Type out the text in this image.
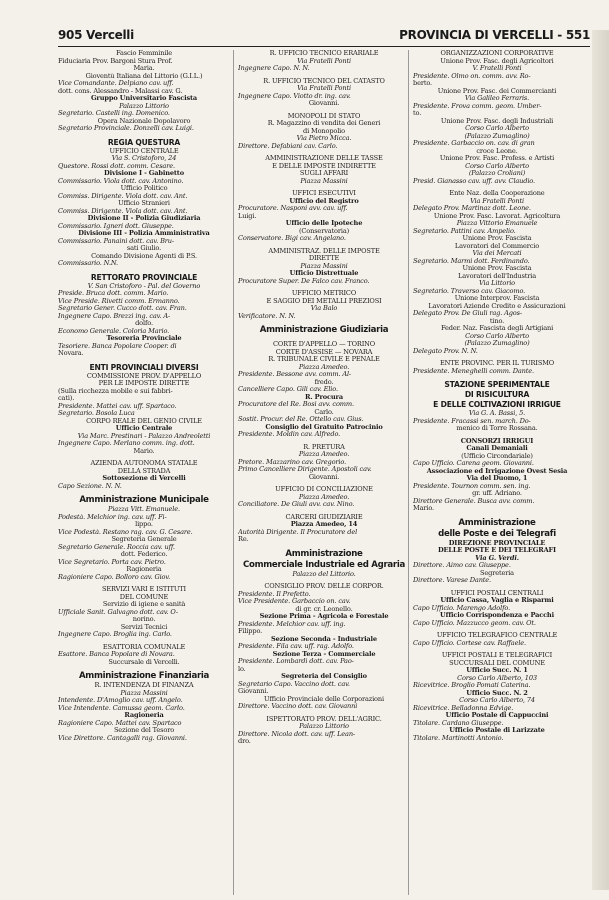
905 Vercelli	PROVINCIA DI VERCELLI - 551
Fascio Femminile
Fiduciaria Prov. Bargoni Stura Prof.
Maria.
Gioventù Italiana del Littorio (G.I.L.)
Vice Comandante. Delpiano cav. uff.
dott. cons. Alessandro - Malassi cav. G.
Gruppo Universitario Fascista
Palazzo Littorio
Segretario. Castelli ing. Domenico.
Opera Nazionale Dopolavoro
Segretario Provinciale. Donzelli cav. Luigi.
REGIA QUESTURA
UFFICIO CENTRALE
Via S. Cristoforo, 24
Questore. Rossi dott. comm. Cesare.
Divisione I - Gabinetto
Commissario. Viola dott. cav. Antonino.
Ufficio Politico
Commiss. Dirigente. Viola dott. cav. Ant.
Ufficio Stranieri
Commiss. Dirigente. Viola dott. cav. Ant.
Divisione II - Polizia Giudiziaria
Commissario. Igneri dott. Giuseppe.
Divisione III - Polizia Amministrativa
Commissario. Panaini dott. cav. Bru-
sati Giulio.
Comando Divisione Agenti di P.S.
Commissario. N.N.
RETTORATO PROVINCIALE
V. San Cristoforo - Pal. del Governo
Preside. Bruca dott. comm. Mario.
Vice Preside. Rivetti comm. Ermanno.
Segretario Gener. Cucco dott. cav. Fran.
Ingegnere Capo. Brezzi ing. cav. A-
dolfo.
Economo Generale. Coloria Mario.
Tesoreria Provinciale
Tesoriere. Banca Popolare Cooper. di
Novara.
ENTI PROVINCIALI DIVERSI
COMMISSIONE PROV. D'APPELLO
PER LE IMPOSTE DIRETTE
(Sulla ricchezza mobile e sui fabbri-
cati).
Presidente. Mattei cav. uff. Spartaco.
Segretario. Bosola Luca
CORPO REALE DEL GENIO CIVILE
Ufficio Centrale
Via Marc. Prestinari - Palazzo Andreoletti
Ingegnere Capo. Merlano comm. ing. dott.
Mario.
AZIENDA AUTONOMA STATALE
DELLA STRADA
Sottosezione di Vercelli
Capo Sezione. N. N.
Amministrazione Municipale
Piazza Vitt. Emanuele.
Podestà. Melchior ing. cav. uff. Fi-
lippo.
Vice Podestà. Restano rag. cav. G. Cesare.
Segreteria Generale
Segretario Generale. Roccia cav. uff.
dott. Federico.
Vice Segretario. Porta cav. Pietro.
Ragioneria
Ragioniere Capo. Bolloro cav. Giov.
SERVIZI VARI E ISTITUTI
DEL COMUNE
Servizio di igiene e sanità
Ufficiale Sanit. Galvagno dott. cav. O-
norino.
Servizi Tecnici
Ingegnere Capo. Broglia ing. Carlo.
ESATTORIA COMUNALE
Esattore. Banca Popolare di Novara.
Succursale di Vercelli.
Amministrazione Finanziaria
R. INTENDENZA DI FINANZA
Piazza Massini
Intendente. D'Amoglio cav. uff. Angelo.
Vice Intendente. Camussa geom. Carlo.
Ragioneria
Ragioniere Capo. Mattei cav. Spartaco
Sezione del Tesoro
Vice Direttore. Cantagalli rag. Giovanni.
R. UFFICIO TECNICO ERARIALE
Via Fratelli Ponti
Ingegnere Capo. N. N.
R. UFFICIO TECNICO DEL CATASTO
Via Fratelli Ponti
Ingegnere Capo. Viotto dr. ing. cav.
Giovanni.
MONOPOLI DI STATO
R. Magazzino di vendita dei Generi
di Monopolio
Via Pietro Micca.
Direttore. Defabiani cav. Carlo.
AMMINISTRAZIONE DELLE TASSE
E DELLE IMPOSTE INDIRETTE
SUGLI AFFARI
Piazza Massini
UFFICI ESECUTIVI
Ufficio del Registro
Procuratore. Nasponi avv. cav. uff.
Luigi.
Ufficio delle Ipoteche
(Conservatoria)
Conservatore. Bigi cav. Angelano.
AMMINISTRAZ. DELLE IMPOSTE
DIRETTE
Piazza Massini
Ufficio Distrettuale
Procuratore Super. De Falco cav. Franco.
UFFICIO METRICO
E SAGGIO DEI METALLI PREZIOSI
Via Balo
Verificatore. N. N.
Amministrazione Giudiziaria
CORTE D'APPELLO — TORINO
CORTE D'ASSISE — NOVARA
R. TRIBUNALE CIVILE E PENALE
Piazza Amedeo.
Presidente. Bessone avv. comm. Al-
fredo.
Cancelliere Capo. Gili cav. Elio.
R. Procura
Procuratore del Re. Bosi avv. comm.
Carlo.
Sostit. Procur. del Re. Ottello cav. Gius.
Consiglio del Gratuito Patrocinio
Presidente. Moldin cav. Alfredo.
R. PRETURA
Piazza Amedeo.
Pretore. Mazzarino cav. Gregorio.
Primo Cancelliere Dirigente. Apostoli cav.
Giovanni.
UFFICIO DI CONCILIAZIONE
Piazza Amedeo.
Conciliatore. De Giuli avv. cav. Nino.
CARCERI GIUDIZIARIE
Piazza Amedeo, 14
Autorità Dirigente. Il Procuratore del
Re.
Amministrazione
Commerciale Industriale ed Agraria
Palazzo del Littorio.
CONSIGLIO PROV. DELLE CORPOR.
Presidente. Il Prefetto.
Vice Presidente. Garbaccio on. cav.
di gr. cr. Leonello.
Sezione Prima - Agricola e Forestale
Presidente. Melchior cav. uff. ing.
Filippo.
Sezione Seconda - Industriale
Presidente. Fila cav. uff. rag. Adolfo.
Sezione Terza - Commerciale
Presidente. Lombardi dott. cav. Pao-
lo.
Segreteria del Consiglio
Segretario Capo. Vaccino dott. cav.
Giovanni.
Ufficio Provinciale delle Corporazioni
Direttore. Vaccino dott. cav. Giovanni
ISPETTORATO PROV. DELL'AGRIC.
Palazzo Littorio
Direttore. Nicola dott. cav. uff. Lean-
dro.
ORGANIZZAZIONI CORPORATIVE
Unione Prov. Fasc. degli Agricoltori
V. Fratelli Ponti
Presidente. Olmo on. comm. avv. Ro-
berto.
Unione Prov. Fasc. dei Commercianti
Via Galileo Ferraris.
Presidente. Frova comm. geom. Umber-
to.
Unione Prov. Fasc. degli Industriali
Corso Carlo Alberto
(Palazzo Zumaglino)
Presidente. Garbaccio on. cav. di gran
croce Leone.
Unione Prov. Fasc. Profess. e Artisti
Corso Carlo Alberto
(Palazzo Croliani)
Presid. Gianasso cav. uff. avv. Claudio.
Ente Naz. della Cooperazione
Via Fratelli Ponti
Delegato Prov. Martinaz dott. Leone.
Unione Prov. Fasc. Lavorat. Agricoltura
Piazza Vittorio Emanuele
Segretario. Pattini cav. Ampelio.
Unione Prov. Fascista
Lavoratori del Commercio
Via dei Mercati
Segretario. Marmi dott. Ferdinando.
Unione Prov. Fascista
Lavoratori dell'Industria
Via Littorio
Segretario. Traverso cav. Giacomo.
Unione Interprov. Fascista
Lavoratori Aziende Credito e Assicurazioni
Delegato Prov. De Giuli rag. Agos-
tino.
Feder. Naz. Fascista degli Artigiani
Corso Carlo Alberto
(Palazzo Zumaglino)
Delegato Prov. N. N.
ENTE PROVINC. PER IL TURISMO
Presidente. Meneghelli comm. Dante.
STAZIONE SPERIMENTALE
DI RISICULTURA
E DELLE COLTIVAZIONI IRRIGUE
Via G. A. Bassi, 5.
Presidente. Fracassi sen. march. Do-
menico di Torre Rossana.
CONSORZI IRRIGUI
Canali Demaniali
(Ufficio Circondariale)
Capo Ufficio. Carena geom. Giovanni.
Associazione ed Irrigazione Ovest Sesia
Via del Duomo, 1
Presidente. Tournon comm. sen. ing.
gr. uff. Adriano.
Direttore Generale. Busca avv. comm.
Mario.
Amministrazione
delle Poste e dei Telegrafi
DIREZIONE PROVINCIALE
DELLE POSTE E DEI TELEGRAFI
Via G. Verdi.
Direttore. Aimo cav. Giuseppe.
Segreteria
Direttore. Varese Dante.
UFFICI POSTALI CENTRALI
Ufficio Cassa, Vaglia e Risparmi
Capo Ufficio. Marengo Adolfo.
Ufficio Corrispondenza e Pacchi
Capo Ufficio. Mazzucco geom. cav. Ot.
UFFICIO TELEGRAFICO CENTRALE
Capo Ufficio. Cortese cav. Raffaele.
UFFICI POSTALI E TELEGRAFICI
SUCCURSALI DEL COMUNE
Ufficio Succ. N. 1
Corso Carlo Alberto, 103
Ricevitrice. Broglio Pomati Caterina.
Ufficio Succ. N. 2
Corso Carlo Alberto, 74
Ricevitrice. Belladonna Edvige.
Ufficio Postale di Cappuccini
Titolare. Cardano Giuseppe.
Ufficio Postale di Larizzate
Titolare. Martinotti Antonio.
